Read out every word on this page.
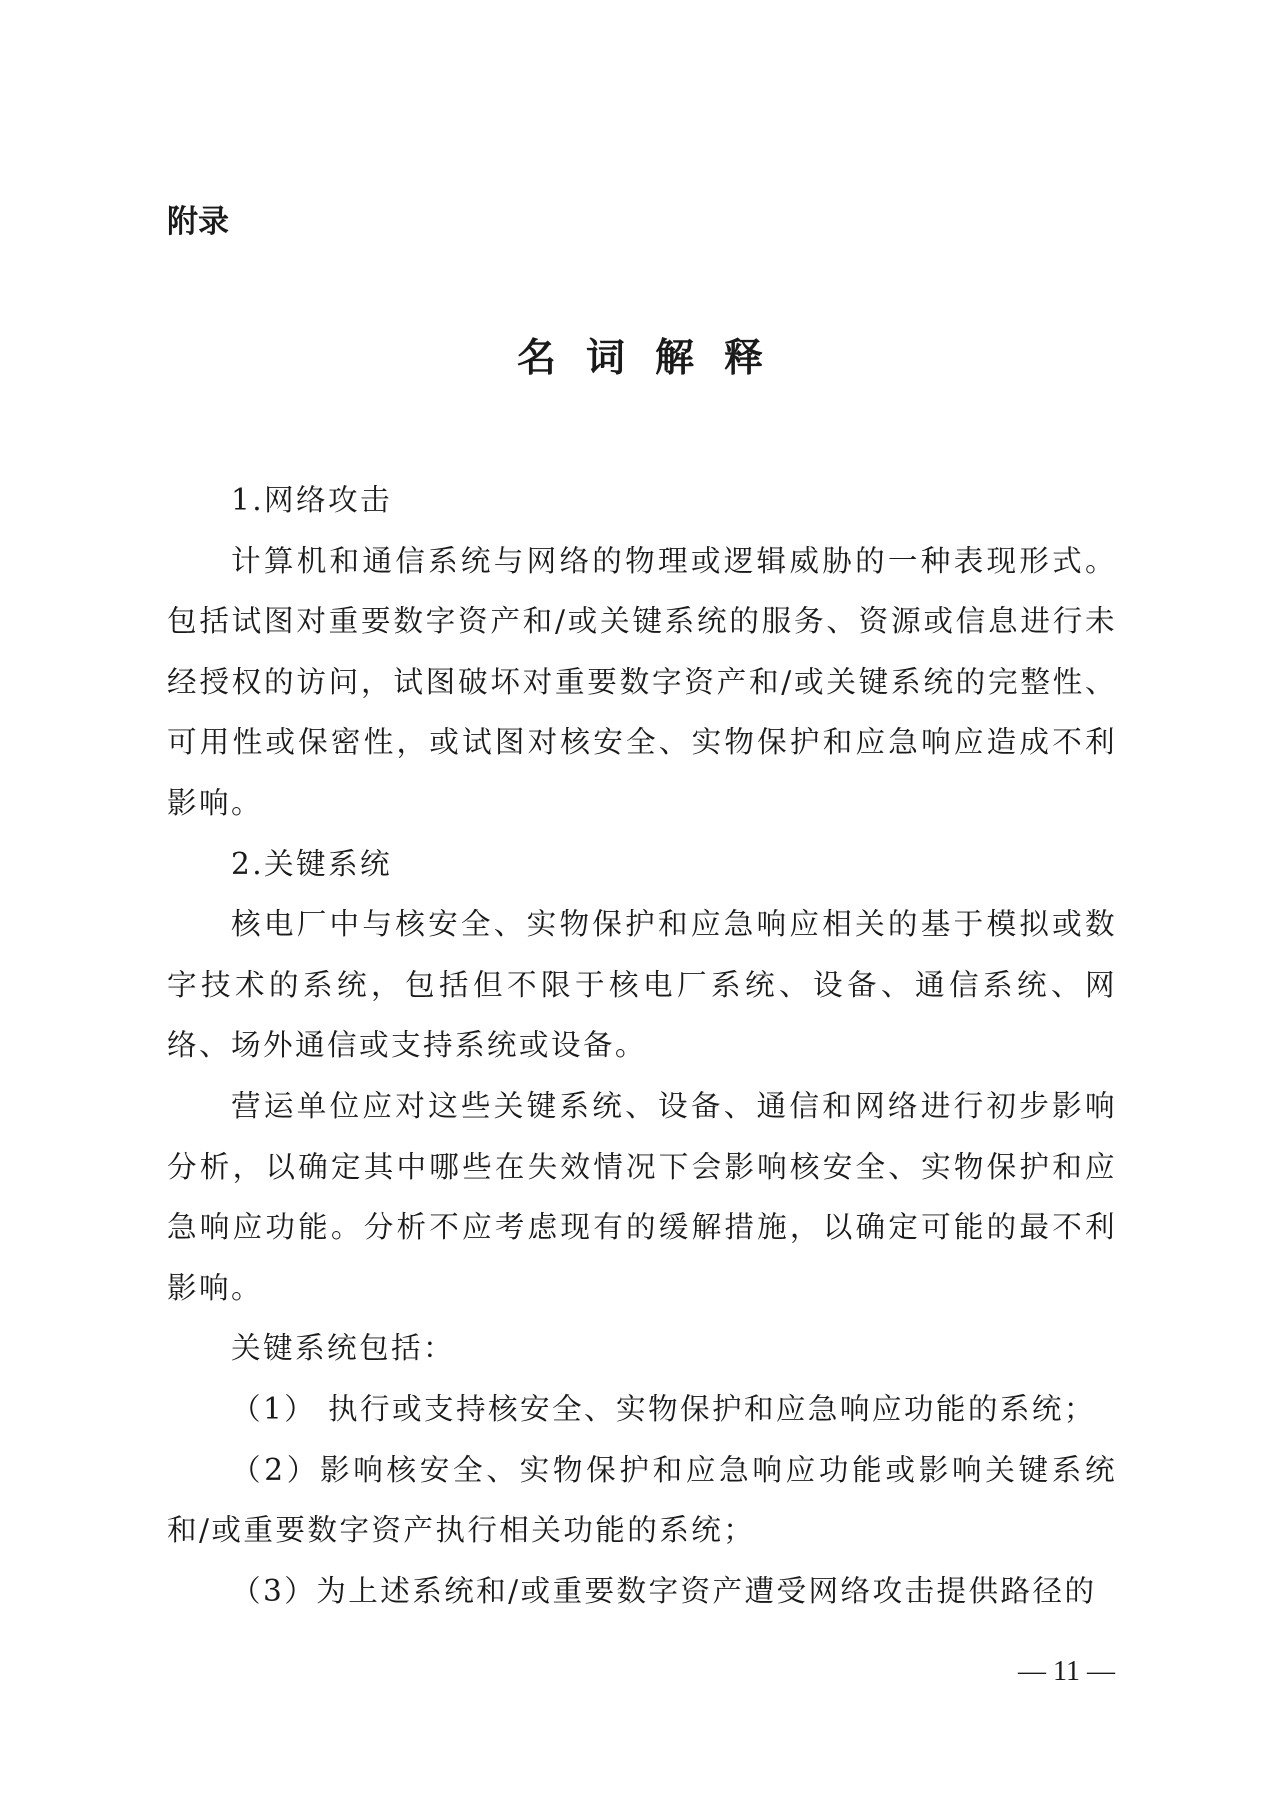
附录

名词解释

1.网络攻击

计算机和通信系统与网络的物理或逻辑威胁的一种表现形式。包括试图对重要数字资产和/或关键系统的服务、资源或信息进行未经授权的访问，试图破坏对重要数字资产和/或关键系统的完整性、可用性或保密性，或试图对核安全、实物保护和应急响应造成不利影响。

2.关键系统

核电厂中与核安全、实物保护和应急响应相关的基于模拟或数字技术的系统，包括但不限于核电厂系统、设备、通信系统、网络、场外通信或支持系统或设备。

营运单位应对这些关键系统、设备、通信和网络进行初步影响分析，以确定其中哪些在失效情况下会影响核安全、实物保护和应急响应功能。分析不应考虑现有的缓解措施，以确定可能的最不利影响。

关键系统包括：

（1） 执行或支持核安全、实物保护和应急响应功能的系统；

（2）影响核安全、实物保护和应急响应功能或影响关键系统和/或重要数字资产执行相关功能的系统；

（3）为上述系统和/或重要数字资产遭受网络攻击提供路径的

— 11 —
